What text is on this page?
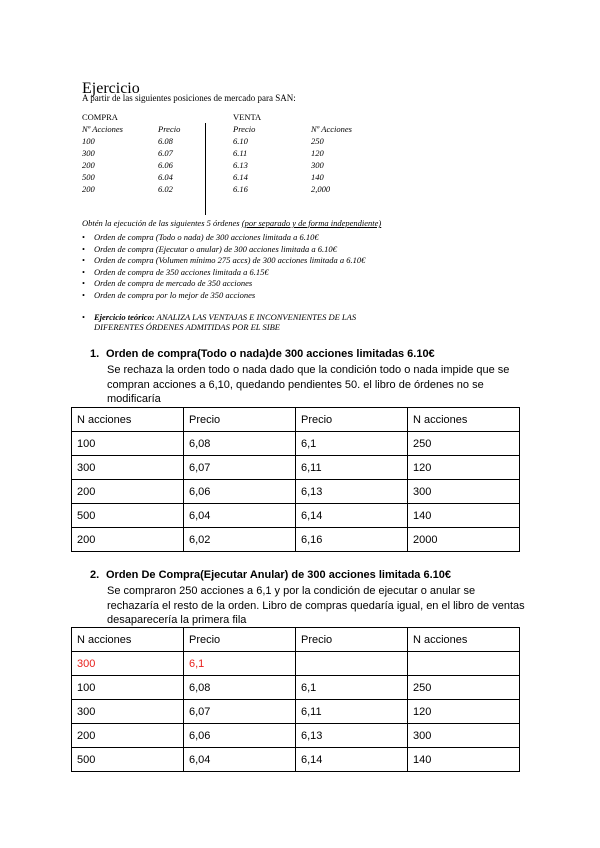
Ejercicio
A partir de las siguientes posiciones de mercado para SAN:
COMPRA
Nº Acciones	Precio
100	6.08
300	6.07
200	6.06
500	6.04
200	6.02
VENTA
Precio	Nº Acciones
6.10	250
6.11	120
6.13	300
6.14	140
6.16	2,000
Obtén la ejecución de las siguientes 5 órdenes (por separado y de forma independiente)
• Orden de compra (Todo o nada) de 300 acciones limitada a 6.10€
• Orden de compra (Ejecutar o anular) de 300 acciones limitada a 6.10€
• Orden de compra (Volumen mínimo 275 accs) de 300 acciones limitada a 6.10€
• Orden de compra de 350 acciones limitada a 6.15€
• Orden de compra de mercado de 350 acciones
• Orden de compra por lo mejor de 350 acciones
• Ejercicio teórico: ANALIZA LAS VENTAJAS E INCONVENIENTES DE LAS
DIFERENTES ÓRDENES ADMITIDAS POR EL SIBE
1. Orden de compra(Todo o nada)de 300 acciones limitadas 6.10€
Se rechaza la orden todo o nada dado que la condición todo o nada impide que se compran acciones a 6,10, quedando pendientes 50. el libro de órdenes no se modificaría
N acciones	Precio	Precio	N acciones
100	6,08	6,1	250
300	6,07	6,11	120
200	6,06	6,13	300
500	6,04	6,14	140
200	6,02	6,16	2000
2. Orden De Compra(Ejecutar Anular) de 300 acciones limitada 6.10€
Se compraron 250 acciones a 6,1 y por la condición de ejecutar o anular se rechazaría el resto de la orden. Libro de compras quedaría igual, en el libro de ventas desaparecería la primera fila
N acciones	Precio	Precio	N acciones
300	6,1		
100	6,08	6,1	250
300	6,07	6,11	120
200	6,06	6,13	300
500	6,04	6,14	140
